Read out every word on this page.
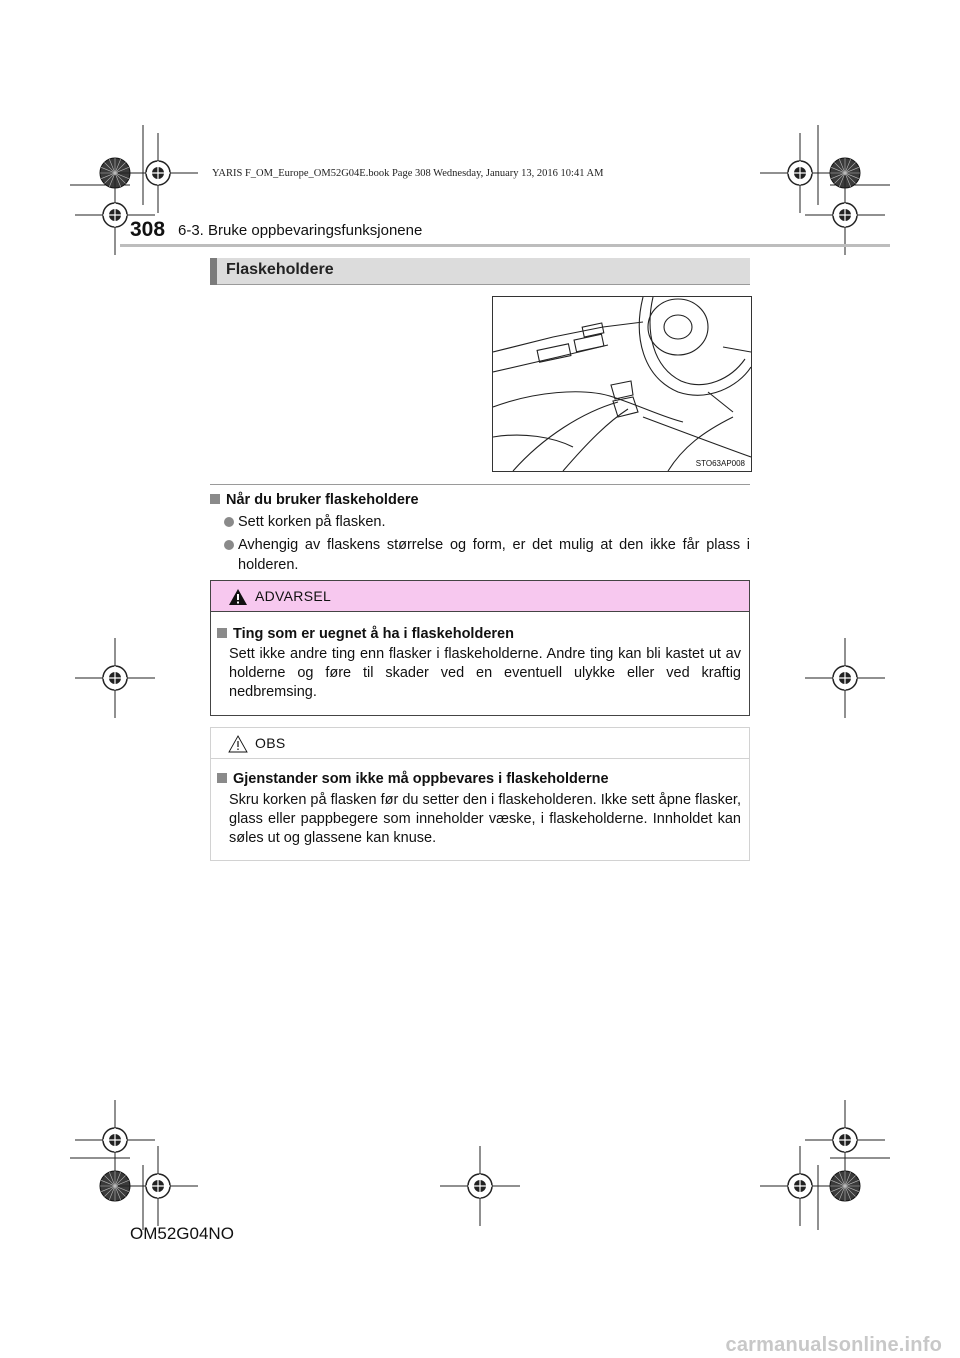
YARIS F_OM_Europe_OM52G04E.book Page 308 Wednesday, January 13, 2016 10:41 AM
308 6-3. Bruke oppbevaringsfunksjonene
Flaskeholdere
STO63AP008
Når du bruker flaskeholdere
Sett korken på flasken.
Avhengig av flaskens størrelse og form, er det mulig at den ikke får plass i
holderen.
ADVARSEL
Ting som er uegnet å ha i flaskeholderen
Sett ikke andre ting enn flasker i flaskeholderne. Andre ting kan bli kastet ut av holderne og føre til skader ved en eventuell ulykke eller ved kraftig nedbremsing.
OBS
Gjenstander som ikke må oppbevares i flaskeholderne
Skru korken på flasken før du setter den i flaskeholderen. Ikke sett åpne flasker, glass eller pappbegere som inneholder væske, i flaskeholderne. Innholdet kan søles ut og glassene kan knuse.
OM52G04NO
carmanualsonline.info
